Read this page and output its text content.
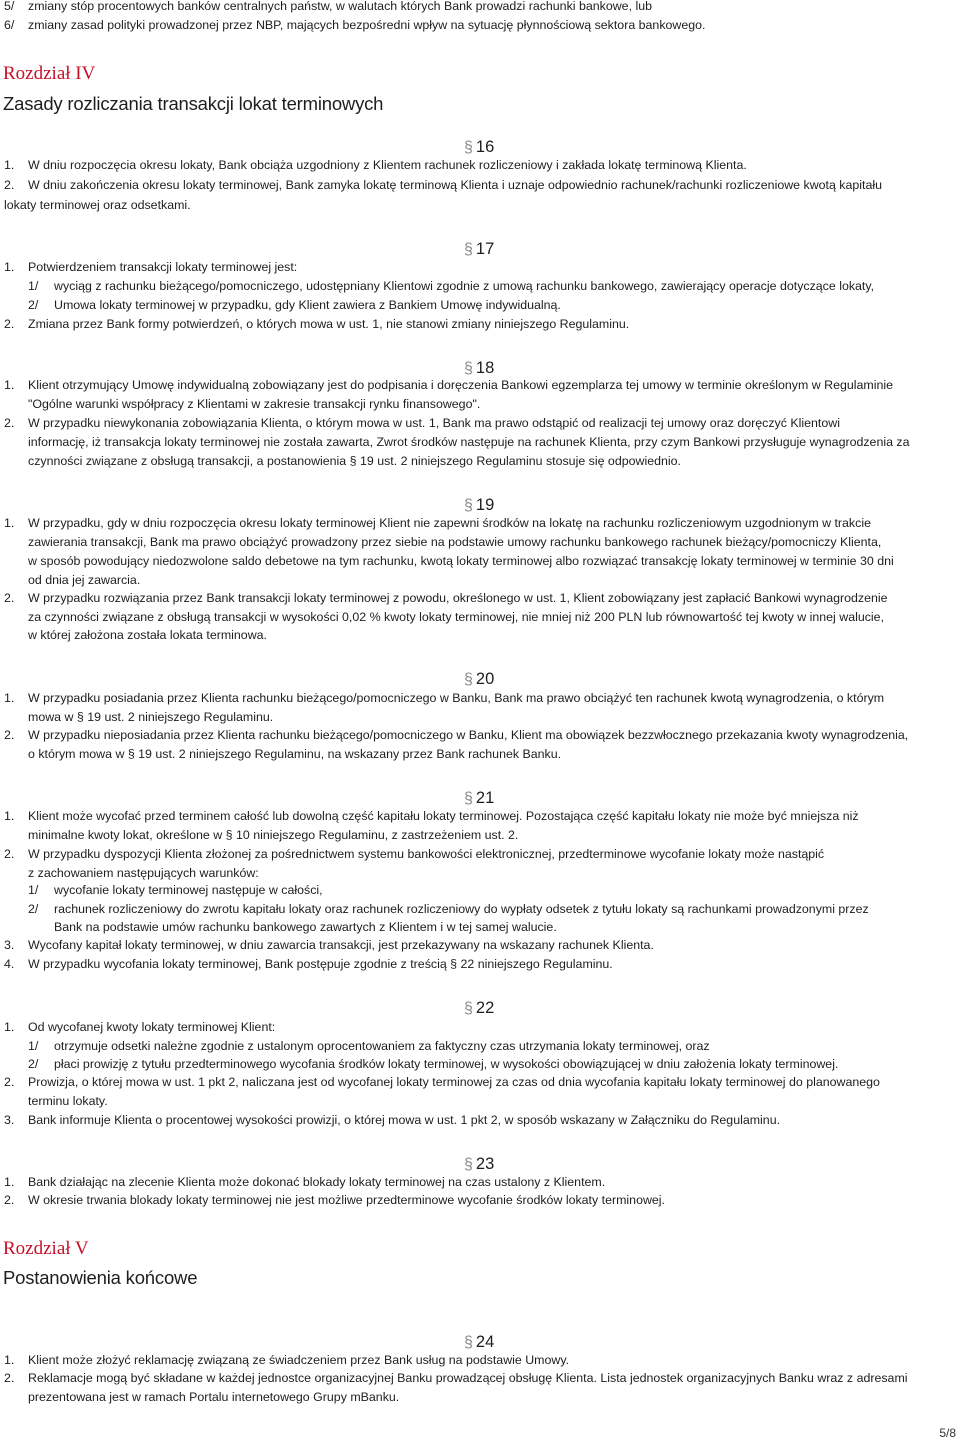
5/ zmiany stóp procentowych banków centralnych państw, w walutach których Bank prowadzi rachunki bankowe, lub
6/ zmiany zasad polityki prowadzonej przez NBP, mających bezpośredni wpływ na sytuację płynnościową sektora bankowego.
Rozdział IV
Zasady rozliczania transakcji lokat terminowych
§ 16
1. W dniu rozpoczęcia okresu lokaty, Bank obciąża uzgodniony z Klientem rachunek rozliczeniowy i zakłada lokatę terminową Klienta.
2. W dniu zakończenia okresu lokaty terminowej, Bank zamyka lokatę terminową Klienta i uznaje odpowiednio rachunek/rachunki rozliczeniowe kwotą kapitału
lokaty terminowej oraz odsetkami.
§ 17
1. Potwierdzeniem transakcji lokaty terminowej jest:
1/ wyciąg z rachunku bieżącego/pomocniczego, udostępniany Klientowi zgodnie z umową rachunku bankowego, zawierający operacje dotyczące lokaty,
2/ Umowa lokaty terminowej w przypadku, gdy Klient zawiera z Bankiem Umowę indywidualną.
2. Zmiana przez Bank formy potwierdzeń, o których mowa w ust. 1, nie stanowi zmiany niniejszego Regulaminu.
§ 18
1. Klient otrzymujący Umowę indywidualną zobowiązany jest do podpisania i doręczenia Bankowi egzemplarza tej umowy w terminie określonym w Regulaminie
"Ogólne warunki współpracy z Klientami w zakresie transakcji rynku finansowego".
2. W przypadku niewykonania zobowiązania Klienta, o którym mowa w ust. 1, Bank ma prawo odstąpić od realizacji tej umowy oraz doręczyć Klientowi
informację, iż transakcja lokaty terminowej nie została zawarta, Zwrot środków następuje na rachunek Klienta, przy czym Bankowi przysługuje wynagrodzenia za
czynności związane z obsługą transakcji, a postanowienia § 19 ust. 2 niniejszego Regulaminu stosuje się odpowiednio.
§ 19
1. W przypadku, gdy w dniu rozpoczęcia okresu lokaty terminowej Klient nie zapewni środków na lokatę na rachunku rozliczeniowym uzgodnionym w trakcie
zawierania transakcji, Bank ma prawo obciążyć prowadzony przez siebie na podstawie umowy rachunku bankowego rachunek bieżący/pomocniczy Klienta,
w sposób powodujący niedozwolone saldo debetowe na tym rachunku, kwotą lokaty terminowej albo rozwiązać transakcję lokaty terminowej w terminie 30 dni
od dnia jej zawarcia.
2. W przypadku rozwiązania przez Bank transakcji lokaty terminowej z powodu, określonego w ust. 1, Klient zobowiązany jest zapłacić Bankowi wynagrodzenie
za czynności związane z obsługą transakcji w wysokości 0,02 % kwoty lokaty terminowej, nie mniej niż 200 PLN lub równowartość tej kwoty w innej walucie,
w której założona została lokata terminowa.
§ 20
1. W przypadku posiadania przez Klienta rachunku bieżącego/pomocniczego w Banku, Bank ma prawo obciążyć ten rachunek kwotą wynagrodzenia, o którym
mowa w § 19 ust. 2 niniejszego Regulaminu.
2. W przypadku nieposiadania przez Klienta rachunku bieżącego/pomocniczego w Banku, Klient ma obowiązek bezzwłocznego przekazania kwoty wynagrodzenia,
o którym mowa w § 19 ust. 2 niniejszego Regulaminu, na wskazany przez Bank rachunek Banku.
§ 21
1. Klient może wycofać przed terminem całość lub dowolną część kapitału lokaty terminowej. Pozostająca część kapitału lokaty nie może być mniejsza niż
minimalne kwoty lokat, określone w § 10 niniejszego Regulaminu, z zastrzeżeniem ust. 2.
2. W przypadku dyspozycji Klienta złożonej za pośrednictwem systemu bankowości elektronicznej, przedterminowe wycofanie lokaty może nastąpić
z zachowaniem następujących warunków:
1/ wycofanie lokaty terminowej następuje w całości,
2/ rachunek rozliczeniowy do zwrotu kapitału lokaty oraz rachunek rozliczeniowy do wypłaty odsetek z tytułu lokaty są rachunkami prowadzonymi przez
Bank na podstawie umów rachunku bankowego zawartych z Klientem i w tej samej walucie.
3. Wycofany kapitał lokaty terminowej, w dniu zawarcia transakcji, jest przekazywany na wskazany rachunek Klienta.
4. W przypadku wycofania lokaty terminowej, Bank postępuje zgodnie z treścią § 22 niniejszego Regulaminu.
§ 22
1. Od wycofanej kwoty lokaty terminowej Klient:
1/ otrzymuje odsetki należne zgodnie z ustalonym oprocentowaniem za faktyczny czas utrzymania lokaty terminowej, oraz
2/ płaci prowizję z tytułu przedterminowego wycofania środków lokaty terminowej, w wysokości obowiązującej w dniu założenia lokaty terminowej.
2. Prowizja, o której mowa w ust. 1 pkt 2, naliczana jest od wycofanej lokaty terminowej za czas od dnia wycofania kapitału lokaty terminowej do planowanego
terminu lokaty.
3. Bank informuje Klienta o procentowej wysokości prowizji, o której mowa w ust. 1 pkt 2, w sposób wskazany w Załączniku do Regulaminu.
§ 23
1. Bank działając na zlecenie Klienta może dokonać blokady lokaty terminowej na czas ustalony z Klientem.
2. W okresie trwania blokady lokaty terminowej nie jest możliwe przedterminowe wycofanie środków lokaty terminowej.
Rozdział V
Postanowienia końcowe
§ 24
1. Klient może złożyć reklamację związaną ze świadczeniem przez Bank usług na podstawie Umowy.
2. Reklamacje mogą być składane w każdej jednostce organizacyjnej Banku prowadzącej obsługę Klienta. Lista jednostek organizacyjnych Banku wraz z adresami
prezentowana jest w ramach Portalu internetowego Grupy mBanku.
5/8
